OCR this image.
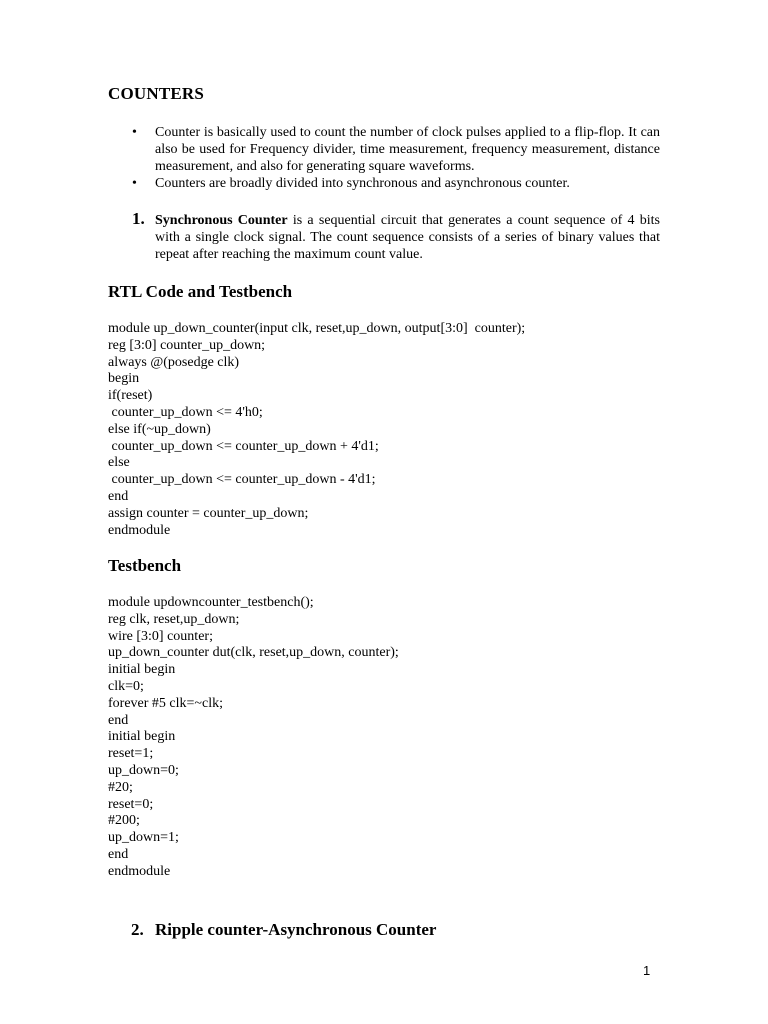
COUNTERS
• Counter is basically used to count the number of clock pulses applied to a flip-flop. It can also be used for Frequency divider, time measurement, frequency measurement, distance measurement, and also for generating square waveforms.
• Counters are broadly divided into synchronous and asynchronous counter.
1. Synchronous Counter is a sequential circuit that generates a count sequence of 4 bits with a single clock signal. The count sequence consists of a series of binary values that repeat after reaching the maximum count value.
RTL Code and Testbench
module up_down_counter(input clk, reset,up_down, output[3:0]  counter);
reg [3:0] counter_up_down;
always @(posedge clk)
begin
if(reset)
counter_up_down <= 4'h0;
else if(~up_down)
counter_up_down <= counter_up_down + 4'd1;
else
counter_up_down <= counter_up_down - 4'd1;
end
assign counter = counter_up_down;
endmodule
Testbench
module updowncounter_testbench();
reg clk, reset,up_down;
wire [3:0] counter;
up_down_counter dut(clk, reset,up_down, counter);
initial begin
clk=0;
forever #5 clk=~clk;
end
initial begin
reset=1;
up_down=0;
#20;
reset=0;
#200;
up_down=1;
end
endmodule
2. Ripple counter-Asynchronous Counter
1
